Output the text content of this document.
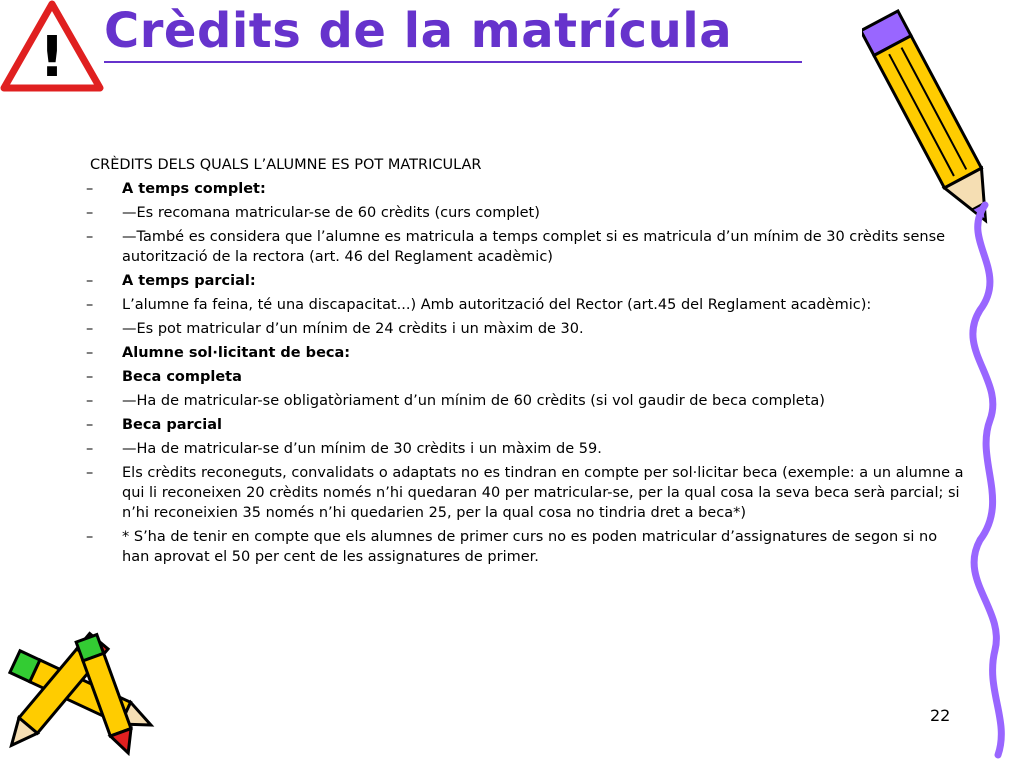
! Crèdits de la matrícula

CRÈDITS DELS QUALS L’ALUMNE ES POT MATRICULAR

– A temps complet:
– —Es recomana matricular-se de 60 crèdits (curs complet)
– —També es considera que l’alumne es matricula a temps complet si es matricula d’un mínim de 30 crèdits sense autorització de la rectora (art. 46 del Reglament acadèmic)
– A temps parcial:
– L’alumne fa feina, té una discapacitat...) Amb autorització del Rector (art.45 del Reglament acadèmic):
– —Es pot matricular d’un mínim de 24 crèdits i un màxim de 30.
– Alumne sol·licitant de beca:
– Beca completa
– —Ha de matricular-se obligatòriament d’un mínim de 60 crèdits (si vol gaudir de beca completa)
– Beca parcial
– —Ha de matricular-se d’un mínim de 30 crèdits i un màxim de 59.
– Els crèdits reconeguts, convalidats o adaptats no es tindran en compte per sol·licitar beca (exemple: a un alumne a qui li reconeixen 20 crèdits només n’hi quedaran 40 per matricular-se, per la qual cosa la seva beca serà parcial; si n’hi reconeixien 35 només n’hi quedarien 25, per la qual cosa no tindria dret a beca*)
– * S’ha de tenir en compte que els alumnes de primer curs no es poden matricular d’assignatures de segon si no han aprovat el 50 per cent de les assignatures de primer.
22
